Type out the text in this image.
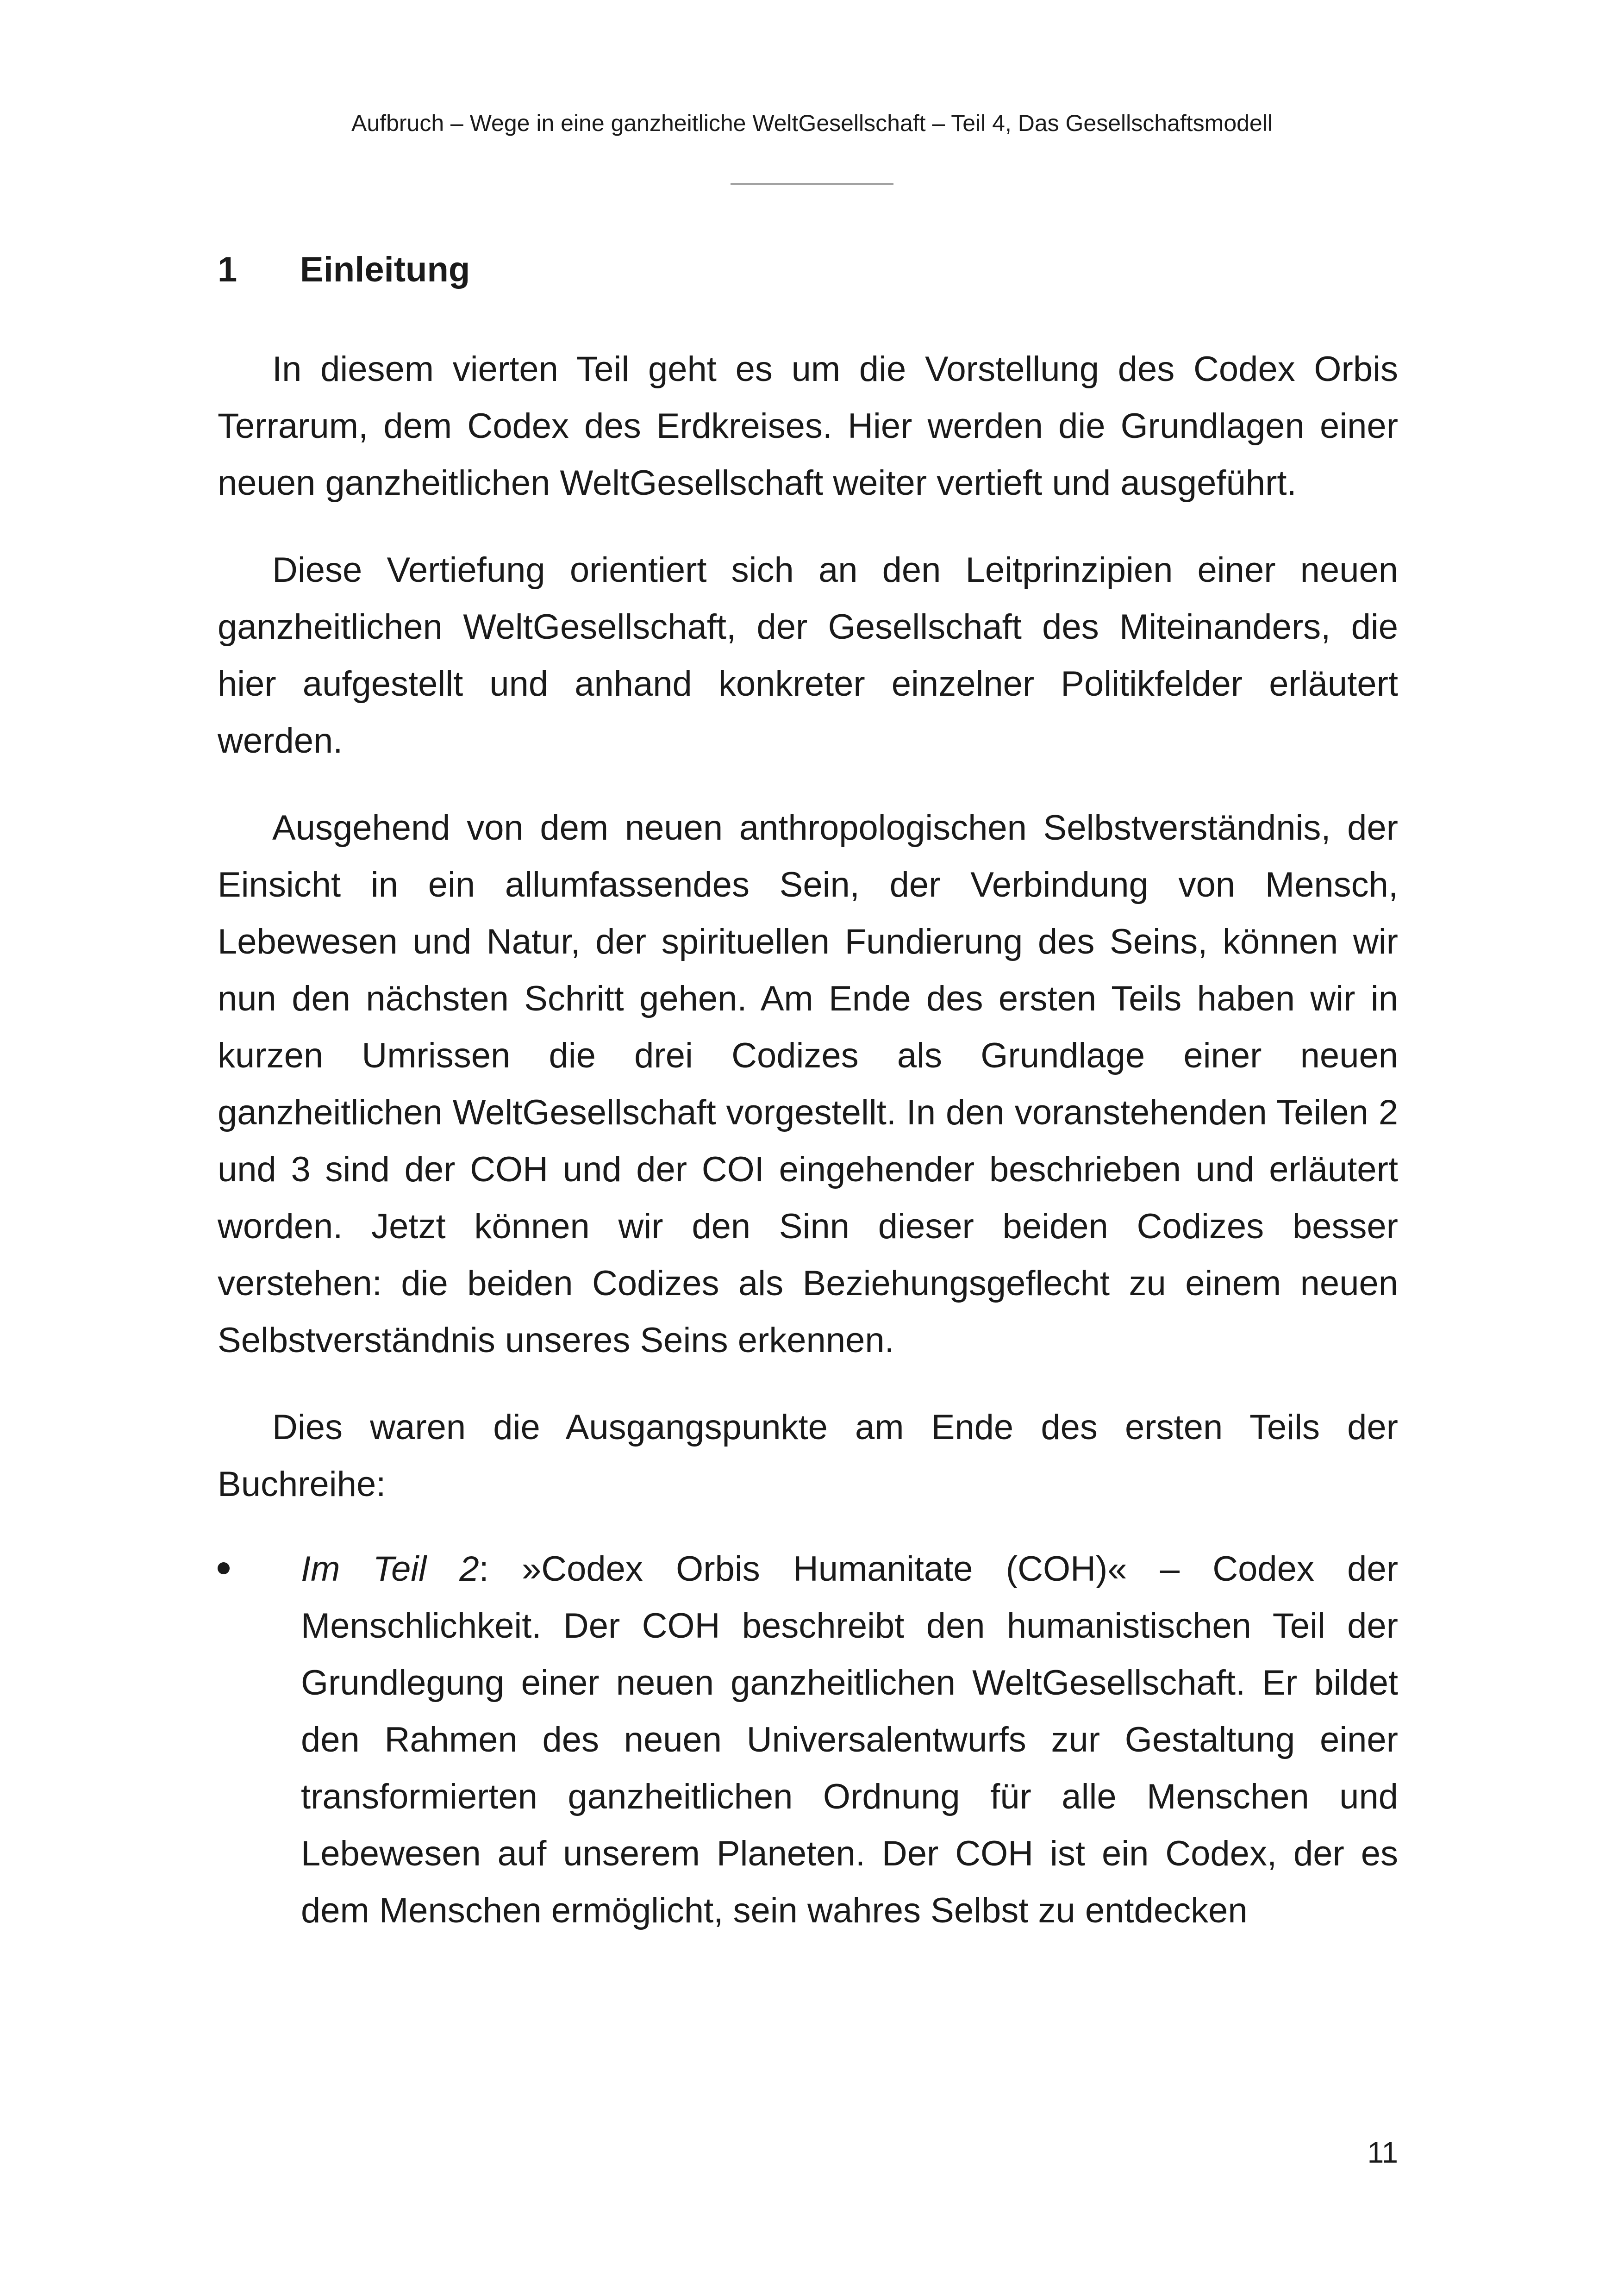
Aufbruch – Wege in eine ganzheitliche WeltGesellschaft – Teil 4, Das Gesellschaftsmodell
1 Einleitung

In diesem vierten Teil geht es um die Vorstellung des Codex Orbis Terrarum, dem Codex des Erdkreises. Hier werden die Grundlagen einer neuen ganzheitlichen WeltGesellschaft weiter vertieft und ausgeführt.

Diese Vertiefung orientiert sich an den Leitprinzipien einer neuen ganzheitlichen WeltGesellschaft, der Gesellschaft des Miteinanders, die hier aufgestellt und anhand konkreter einzelner Politikfelder erläutert werden.

Ausgehend von dem neuen anthropologischen Selbstverständnis, der Einsicht in ein allumfassendes Sein, der Verbindung von Mensch, Lebewesen und Natur, der spirituellen Fundierung des Seins, können wir nun den nächsten Schritt gehen. Am Ende des ersten Teils haben wir in kurzen Umrissen die drei Codizes als Grundlage einer neuen ganzheitlichen WeltGesellschaft vorgestellt. In den voranstehenden Teilen 2 und 3 sind der COH und der COI eingehender beschrieben und erläutert worden. Jetzt können wir den Sinn dieser beiden Codizes besser verstehen: die beiden Codizes als Beziehungsgeflecht zu einem neuen Selbstverständnis unseres Seins erkennen.

Dies waren die Ausgangspunkte am Ende des ersten Teils der Buchreihe:

Im Teil 2: »Codex Orbis Humanitate (COH)« – Codex der Menschlichkeit. Der COH beschreibt den humanistischen Teil der Grundlegung einer neuen ganzheitlichen WeltGesellschaft. Er bildet den Rahmen des neuen Universalentwurfs zur Gestaltung einer transformierten ganzheitlichen Ordnung für alle Menschen und Lebewesen auf unserem Planeten. Der COH ist ein Codex, der es dem Menschen ermöglicht, sein wahres Selbst zu entdecken
11
